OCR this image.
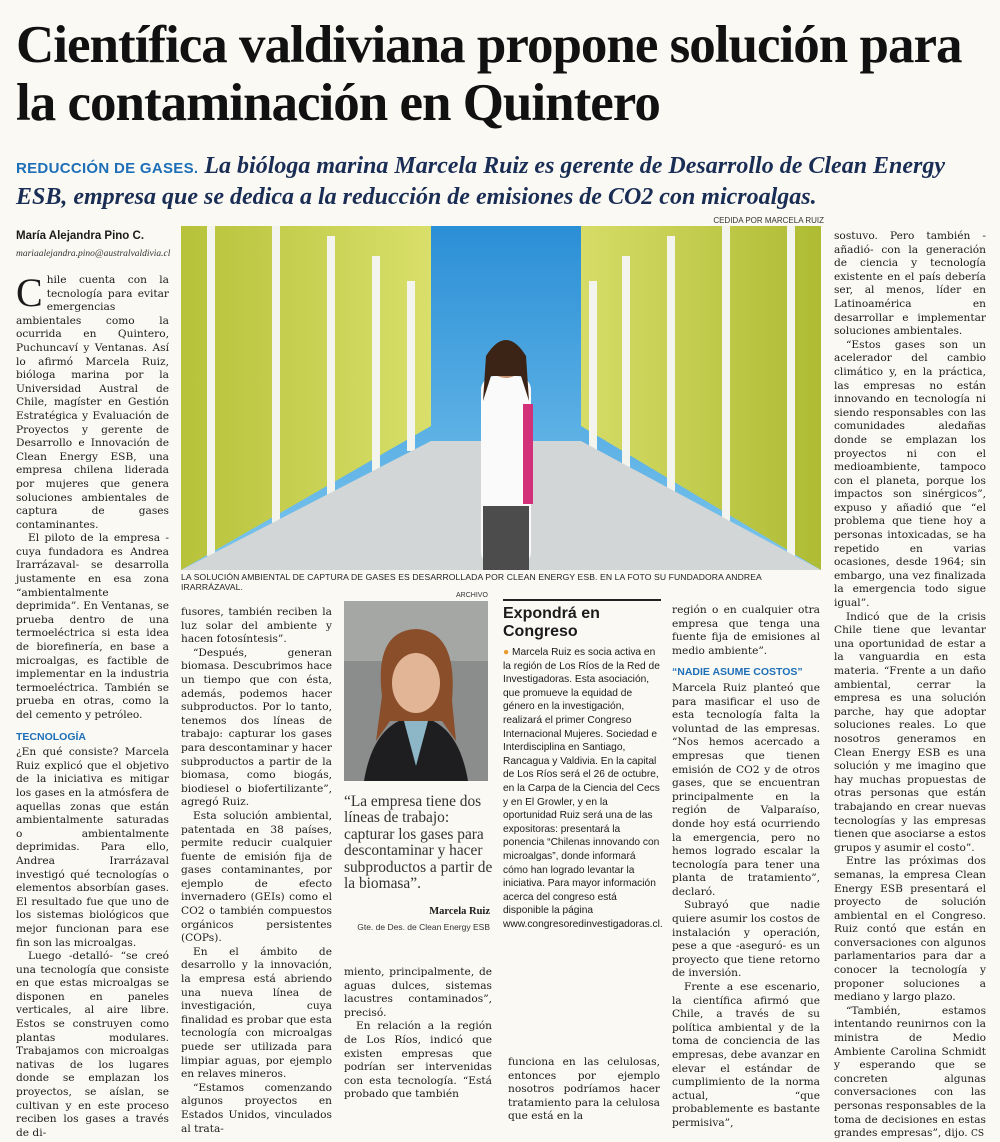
Científica valdiviana propone solución para la contaminación en Quintero
REDUCCIÓN DE GASES. La bióloga marina Marcela Ruiz es gerente de Desarrollo de Clean Energy ESB, empresa que se dedica a la reducción de emisiones de CO2 con microalgas.
María Alejandra Pino C.
mariaalejandra.pino@australvaldivia.cl

Chile cuenta con la tecnología para evitar emergencias ambientales como la ocurrida en Quintero, Puchuncaví y Ventanas. Así lo afirmó Marcela Ruiz, bióloga marina por la Universidad Austral de Chile, magíster en Gestión Estratégica y Evaluación de Proyectos y gerente de Desarrollo e Innovación de Clean Energy ESB, una empresa chilena liderada por mujeres que genera soluciones ambientales de captura de gases contaminantes.

El piloto de la empresa -cuya fundadora es Andrea Irarrázaval- se desarrolla justamente en esa zona “ambientalmente deprimida”. En Ventanas, se prueba dentro de una termoeléctrica si esta idea de biorefinería, en base a microalgas, es factible de implementar en la industria termoeléctrica. También se prueba en otras, como la del cemento y petróleo.

TECNOLOGÍA

¿En qué consiste? Marcela Ruiz explicó que el objetivo de la iniciativa es mitigar los gases en la atmósfera de aquellas zonas que están ambientalmente saturadas o ambientalmente deprimidas. Para ello, Andrea Irarrázaval investigó qué tecnologías o elementos absorbían gases. El resultado fue que uno de los sistemas biológicos que mejor funcionan para ese fin son las microalgas.

Luego -detalló- “se creó una tecnología que consiste en que estas microalgas se disponen en paneles verticales, al aire libre. Estos se construyen como plantas modulares. Trabajamos con microalgas nativas de los lugares donde se emplazan los proyectos, se aíslan, se cultivan y en este proceso reciben los gases a través de di-

CEDIDA POR MARCELA RUIZ
LA SOLUCIÓN AMBIENTAL DE CAPTURA DE GASES ES DESARROLLADA POR CLEAN ENERGY ESB. EN LA FOTO SU FUNDADORA ANDREA IRARRÁZAVAL.

fusores, también reciben la luz solar del ambiente y hacen fotosíntesis”.

“Después, generan biomasa. Descubrimos hace un tiempo que con ésta, además, podemos hacer subproductos. Por lo tanto, tenemos dos líneas de trabajo: capturar los gases para descontaminar y hacer subproductos a partir de la biomasa, como biogás, biodiesel o biofertilizante”, agregó Ruiz.

Esta solución ambiental, patentada en 38 países, permite reducir cualquier fuente de emisión fija de gases contaminantes, por ejemplo de efecto invernadero (GEIs) como el CO2 o también compuestos orgánicos persistentes (COPs).

En el ámbito de desarrollo y la innovación, la empresa está abriendo una nueva línea de investigación, cuya finalidad es probar que esta tecnología con microalgas puede ser utilizada para limpiar aguas, por ejemplo en relaves mineros.

“Estamos comenzando algunos proyectos en Estados Unidos, vinculados al trata-

ARCHIVO
“La empresa tiene dos líneas de trabajo: capturar los gases para descontaminar y hacer subproductos a partir de la biomasa”.
Marcela Ruiz
Gte. de Des. de Clean Energy ESB

miento, principalmente, de aguas dulces, sistemas lacustres contaminados”, precisó.

En relación a la región de Los Ríos, indicó que existen empresas que podrían ser intervenidas con esta tecnología. “Está probado que también

Expondrá en Congreso
● Marcela Ruiz es socia activa en la región de Los Ríos de la Red de Investigadoras. Esta asociación, que promueve la equidad de género en la investigación, realizará el primer Congreso Internacional Mujeres. Sociedad e Interdisciplina en Santiago, Rancagua y Valdivia. En la capital de Los Ríos será el 26 de octubre, en la Carpa de la Ciencia del Cecs y en El Growler, y en la oportunidad Ruiz será una de las expositoras: presentará la ponencia “Chilenas innovando con microalgas”, donde informará cómo han logrado levantar la iniciativa. Para mayor información acerca del congreso está disponible la página www.congresoredinvestigadoras.cl.

funciona en las celulosas, entonces por ejemplo nosotros podríamos hacer tratamiento para la celulosa que está en la

región o en cualquier otra empresa que tenga una fuente fija de emisiones al medio ambiente”.

“NADIE ASUME COSTOS”

Marcela Ruiz planteó que para masificar el uso de esta tecnología falta la voluntad de las empresas. “Nos hemos acercado a empresas que tienen emisión de CO2 y de otros gases, que se encuentran principalmente en la región de Valparaíso, donde hoy está ocurriendo la emergencia, pero no hemos logrado escalar la tecnología para tener una planta de tratamiento”, declaró.

Subrayó que nadie quiere asumir los costos de instalación y operación, pese a que -aseguró- es un proyecto que tiene retorno de inversión.

Frente a ese escenario, la científica afirmó que Chile, a través de su política ambiental y de la toma de conciencia de las empresas, debe avanzar en elevar el estándar de cumplimiento de la norma actual, “que probablemente es bastante permisiva”,

sostuvo. Pero también -añadió- con la generación de ciencia y tecnología existente en el país debería ser, al menos, líder en Latinoamérica en desarrollar e implementar soluciones ambientales.

“Estos gases son un acelerador del cambio climático y, en la práctica, las empresas no están innovando en tecnología ni siendo responsables con las comunidades aledañas donde se emplazan los proyectos ni con el medioambiente, tampoco con el planeta, porque los impactos son sinérgicos”, expuso y añadió que “el problema que tiene hoy a personas intoxicadas, se ha repetido en varias ocasiones, desde 1964; sin embargo, una vez finalizada la emergencia todo sigue igual”.

Indicó que de la crisis Chile tiene que levantar una oportunidad de estar a la vanguardia en esta materia. “Frente a un daño ambiental, cerrar la empresa es una solución parche, hay que adoptar soluciones reales. Lo que nosotros generamos en Clean Energy ESB es una solución y me imagino que hay muchas propuestas de otras personas que están trabajando en crear nuevas tecnologías y las empresas tienen que asociarse a estos grupos y asumir el costo”.

Entre las próximas dos semanas, la empresa Clean Energy ESB presentará el proyecto de solución ambiental en el Congreso. Ruiz contó que están en conversaciones con algunos parlamentarios para dar a conocer la tecnología y proponer soluciones a mediano y largo plazo.

“También, estamos intentando reunirnos con la ministra de Medio Ambiente Carolina Schmidt y esperando que se concreten algunas conversaciones con las personas responsables de la toma de decisiones en estas grandes empresas”, dijo. CS
